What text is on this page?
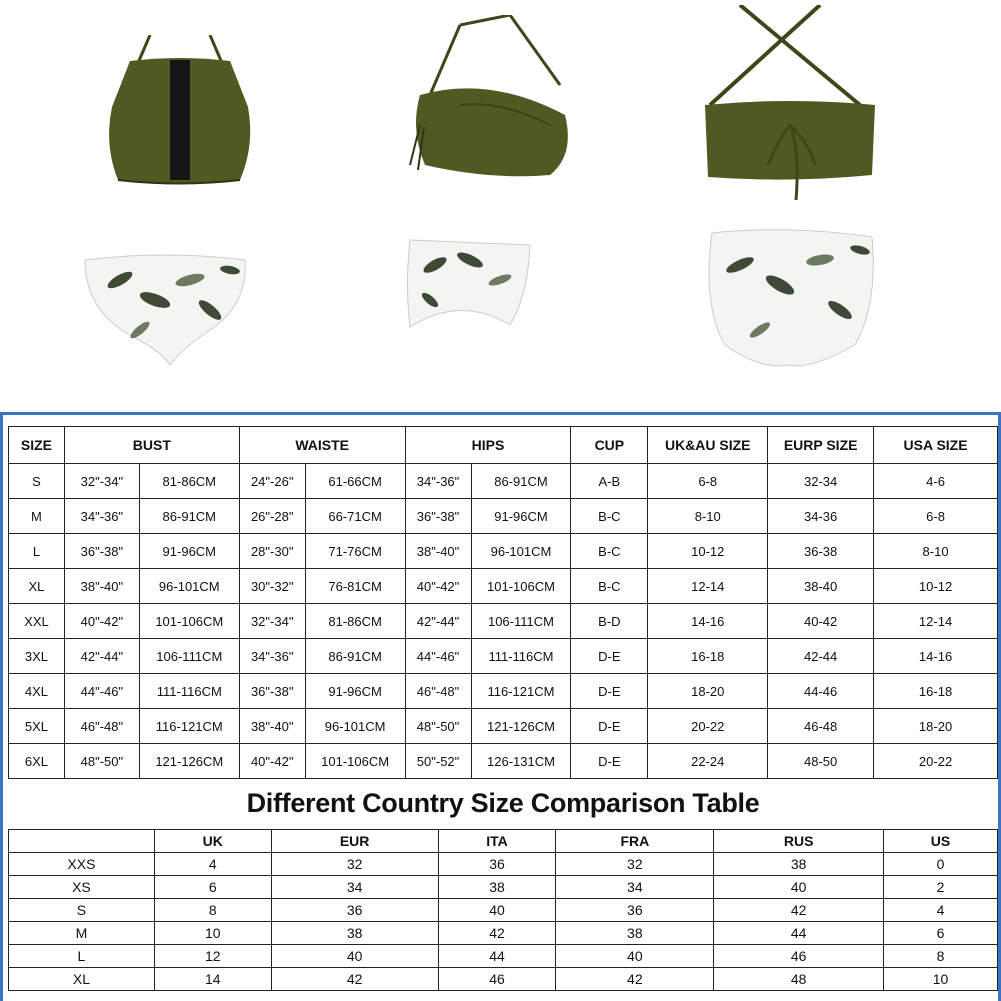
SIZE	BUST		WAISTE		HIPS		CUP	UK&AU SIZE	EURP SIZE	USA SIZE
S	32"-34"	81-86CM	24"-26"	61-66CM	34"-36"	86-91CM	A-B	6-8	32-34	4-6
M	34"-36"	86-91CM	26"-28"	66-71CM	36"-38"	91-96CM	B-C	8-10	34-36	6-8
L	36"-38"	91-96CM	28"-30"	71-76CM	38"-40"	96-101CM	B-C	10-12	36-38	8-10
XL	38"-40"	96-101CM	30"-32"	76-81CM	40"-42"	101-106CM	B-C	12-14	38-40	10-12
XXL	40"-42"	101-106CM	32"-34"	81-86CM	42"-44"	106-111CM	B-D	14-16	40-42	12-14
3XL	42"-44"	106-111CM	34"-36"	86-91CM	44"-46"	111-116CM	D-E	16-18	42-44	14-16
4XL	44"-46"	111-116CM	36"-38"	91-96CM	46"-48"	116-121CM	D-E	18-20	44-46	16-18
5XL	46"-48"	116-121CM	38"-40"	96-101CM	48"-50"	121-126CM	D-E	20-22	46-48	18-20
6XL	48"-50"	121-126CM	40"-42"	101-106CM	50"-52"	126-131CM	D-E	22-24	48-50	20-22
Different Country Size Comparison Table
	UK	EUR	ITA	FRA	RUS	US
XXS	4	32	36	32	38	0
XS	6	34	38	34	40	2
S	8	36	40	36	42	4
M	10	38	42	38	44	6
L	12	40	44	40	46	8
XL	14	42	46	42	48	10
